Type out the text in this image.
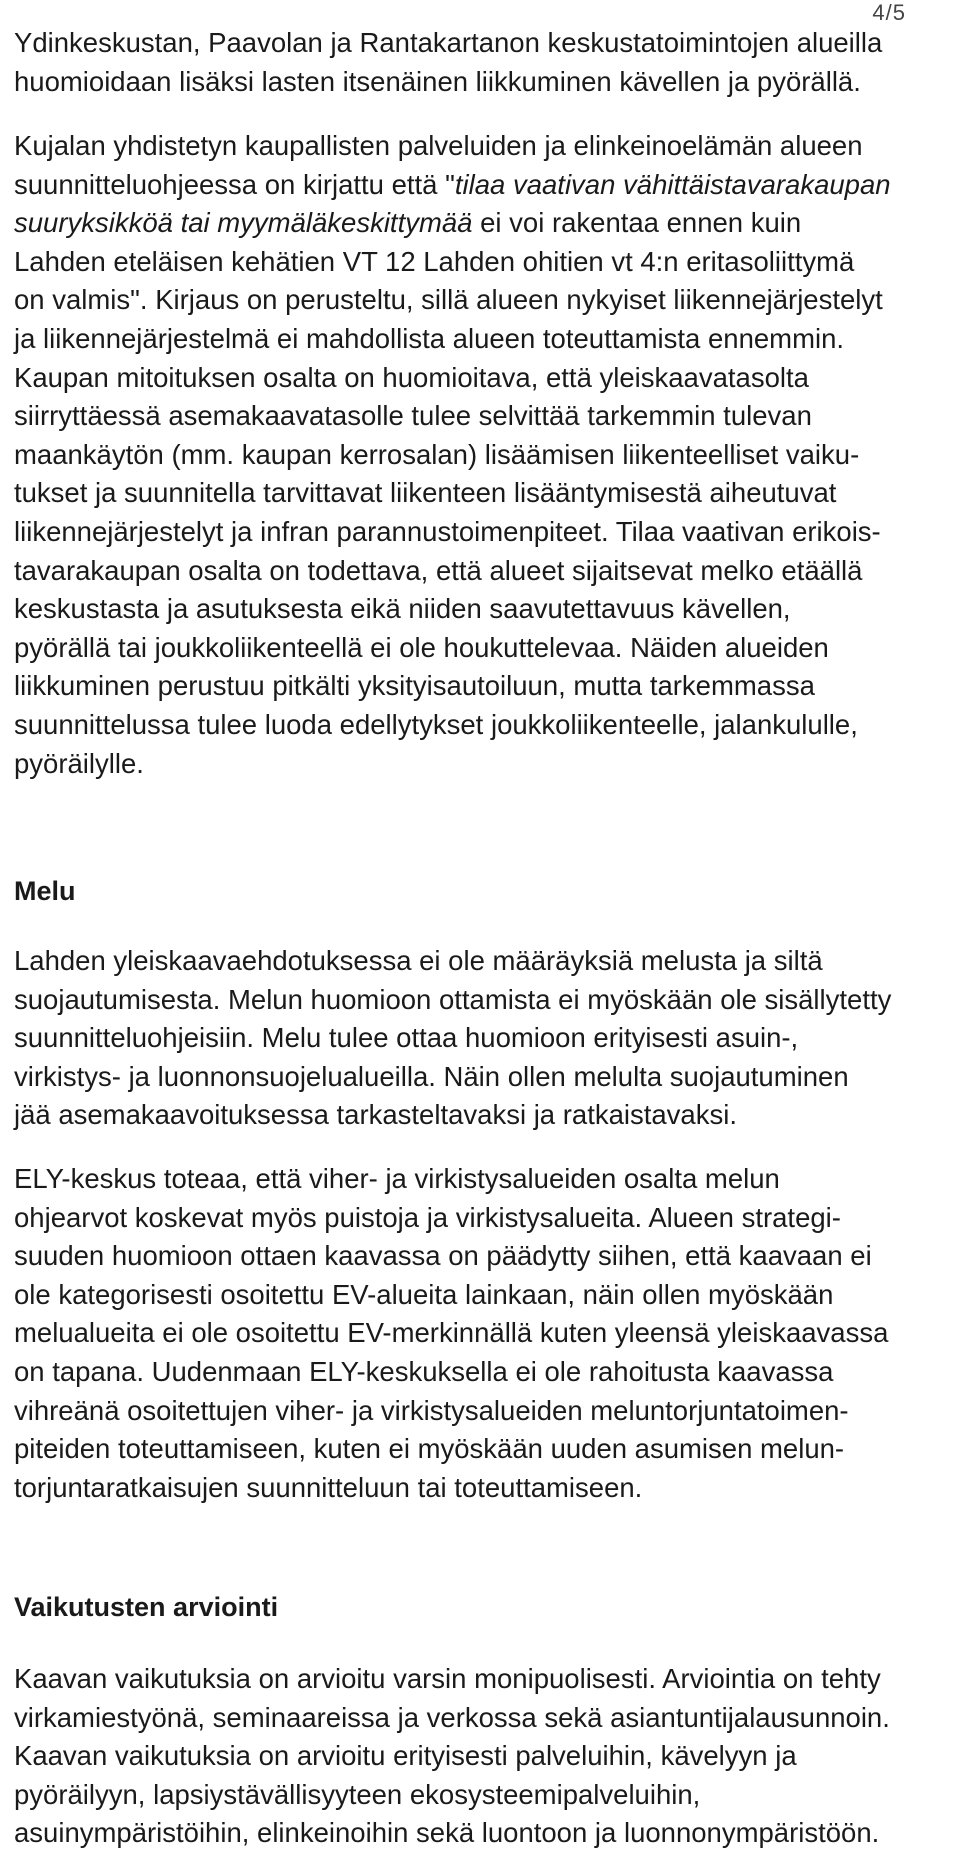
4/5

Ydinkeskustan, Paavolan ja Rantakartanon keskustatoimintojen alueilla
huomioidaan lisäksi lasten itsenäinen liikkuminen kävellen ja pyörällä.

Kujalan yhdistetyn kaupallisten palveluiden ja elinkeinoelämän alueen
suunnitteluohjeessa on kirjattu että "tilaa vaativan vähittäistavarakaupan
suuryksikköä tai myymäläkeskittymää ei voi rakentaa ennen kuin
Lahden eteläisen kehätien VT 12 Lahden ohitien vt 4:n eritasoliittymä
on valmis". Kirjaus on perusteltu, sillä alueen nykyiset liikennejärjestelyt
ja liikennejärjestelmä ei mahdollista alueen toteuttamista ennemmin.
Kaupan mitoituksen osalta on huomioitava, että yleiskaavatasolta
siirryttäessä asemakaavatasolle tulee selvittää tarkemmin tulevan
maankäytön (mm. kaupan kerrosalan) lisäämisen liikenteelliset vaiku-
tukset ja suunnitella tarvittavat liikenteen lisääntymisestä aiheutuvat
liikennejärjestelyt ja infran parannustoimenpiteet. Tilaa vaativan erikois-
tavarakaupan osalta on todettava, että alueet sijaitsevat melko etäällä
keskustasta ja asutuksesta eikä niiden saavutettavuus kävellen,
pyörällä tai joukkoliikenteellä ei ole houkuttelevaa. Näiden alueiden
liikkuminen perustuu pitkälti yksityisautoiluun, mutta tarkemmassa
suunnittelussa tulee luoda edellytykset joukkoliikenteelle, jalankululle,
pyöräilylle.

Melu

Lahden yleiskaavaehdotuksessa ei ole määräyksiä melusta ja siltä
suojautumisesta. Melun huomioon ottamista ei myöskään ole sisällytetty
suunnitteluohjeisiin. Melu tulee ottaa huomioon erityisesti asuin-,
virkistys- ja luonnonsuojelualueilla. Näin ollen melulta suojautuminen
jää asemakaavoituksessa tarkasteltavaksi ja ratkaistavaksi.

ELY-keskus toteaa, että viher- ja virkistysalueiden osalta melun
ohjearvot koskevat myös puistoja ja virkistysalueita. Alueen strategi-
suuden huomioon ottaen kaavassa on päädytty siihen, että kaavaan ei
ole kategorisesti osoitettu EV-alueita lainkaan, näin ollen myöskään
melualueita ei ole osoitettu EV-merkinnällä kuten yleensä yleiskaavassa
on tapana. Uudenmaan ELY-keskuksella ei ole rahoitusta kaavassa
vihreänä osoitettujen viher- ja virkistysalueiden meluntorjuntatoimen-
piteiden toteuttamiseen, kuten ei myöskään uuden asumisen melun-
torjuntaratkaisujen suunnitteluun tai toteuttamiseen.

Vaikutusten arviointi

Kaavan vaikutuksia on arvioitu varsin monipuolisesti. Arviointia on tehty
virkamiestyönä, seminaareissa ja verkossa sekä asiantuntijalausunnoin.
Kaavan vaikutuksia on arvioitu erityisesti palveluihin, kävelyyn ja
pyöräilyyn, lapsiystävällisyyteen ekosysteemipalveluihin,
asuinympäristöihin, elinkeinoihin sekä luontoon ja luonnonympäristöön.
